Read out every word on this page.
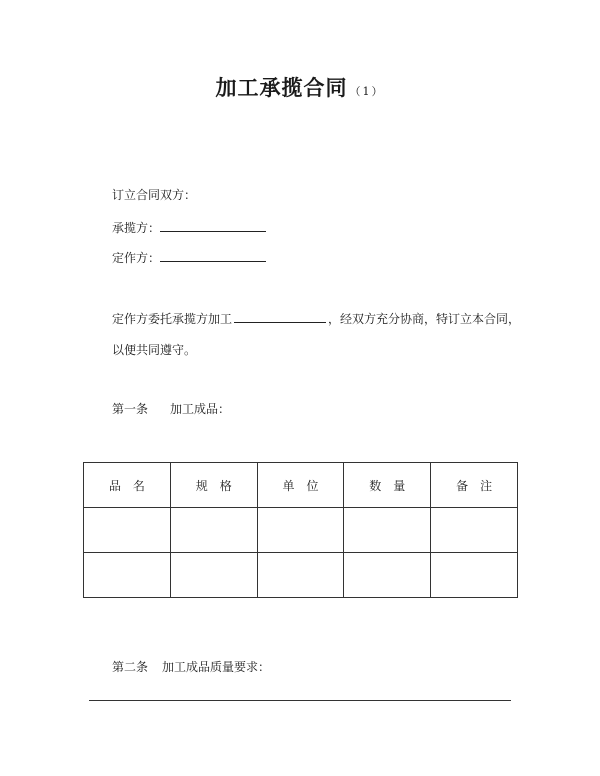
加工承揽合同 （1）
订立合同双方：
承揽方：
定作方：
定作方委托承揽方加工	，经双方充分协商，特订立本合同，
以便共同遵守。
第一条 加工成品：
品名	规格	单位	数量	备注

第二条 加工成品质量要求：
